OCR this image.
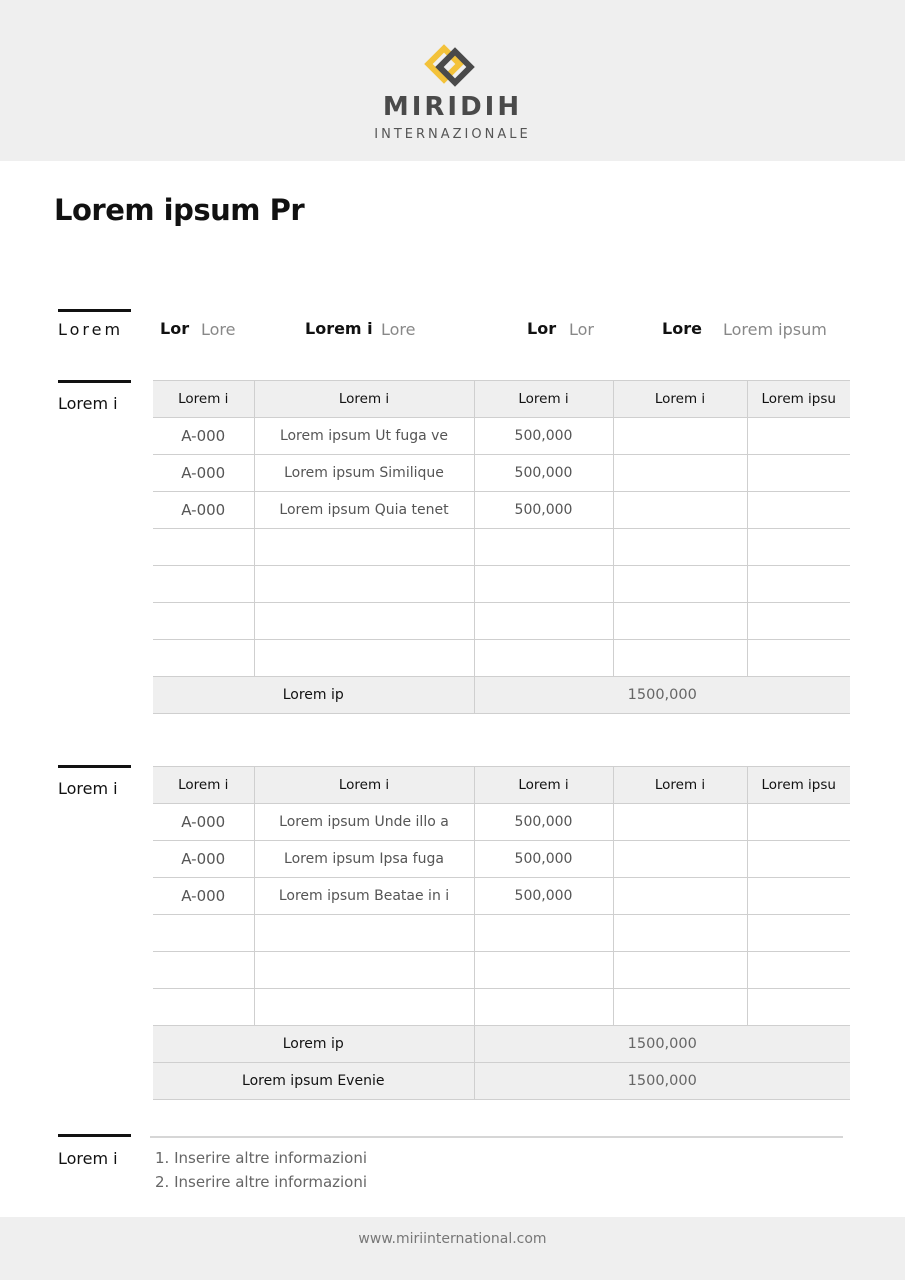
MIRIDIH
INTERNAZIONALE
Lorem ipsum Pr
Lorem Lor Lore	Lorem i Lore	Lor Lor	Lore Lorem ipsum
Lorem i	Lorem i	Lorem i	Lorem i	Lorem i	Lorem ipsu
A-000	Lorem ipsum Ut fuga ve	500,000		
A-000	Lorem ipsum Similique	500,000		
A-000	Lorem ipsum Quia tenet	500,000		

Lorem ip		1500,000		
Lorem i	Lorem i	Lorem i	Lorem i	Lorem i	Lorem ipsu
A-000	Lorem ipsum Unde illo a	500,000		
A-000	Lorem ipsum Ipsa fuga	500,000		
A-000	Lorem ipsum Beatae in i	500,000		

Lorem ip		1500,000		
Lorem ipsum Evenie		1500,000		
Lorem i 1. Inserire altre informazioni
2. Inserire altre informazioni
www.miriinternational.com
